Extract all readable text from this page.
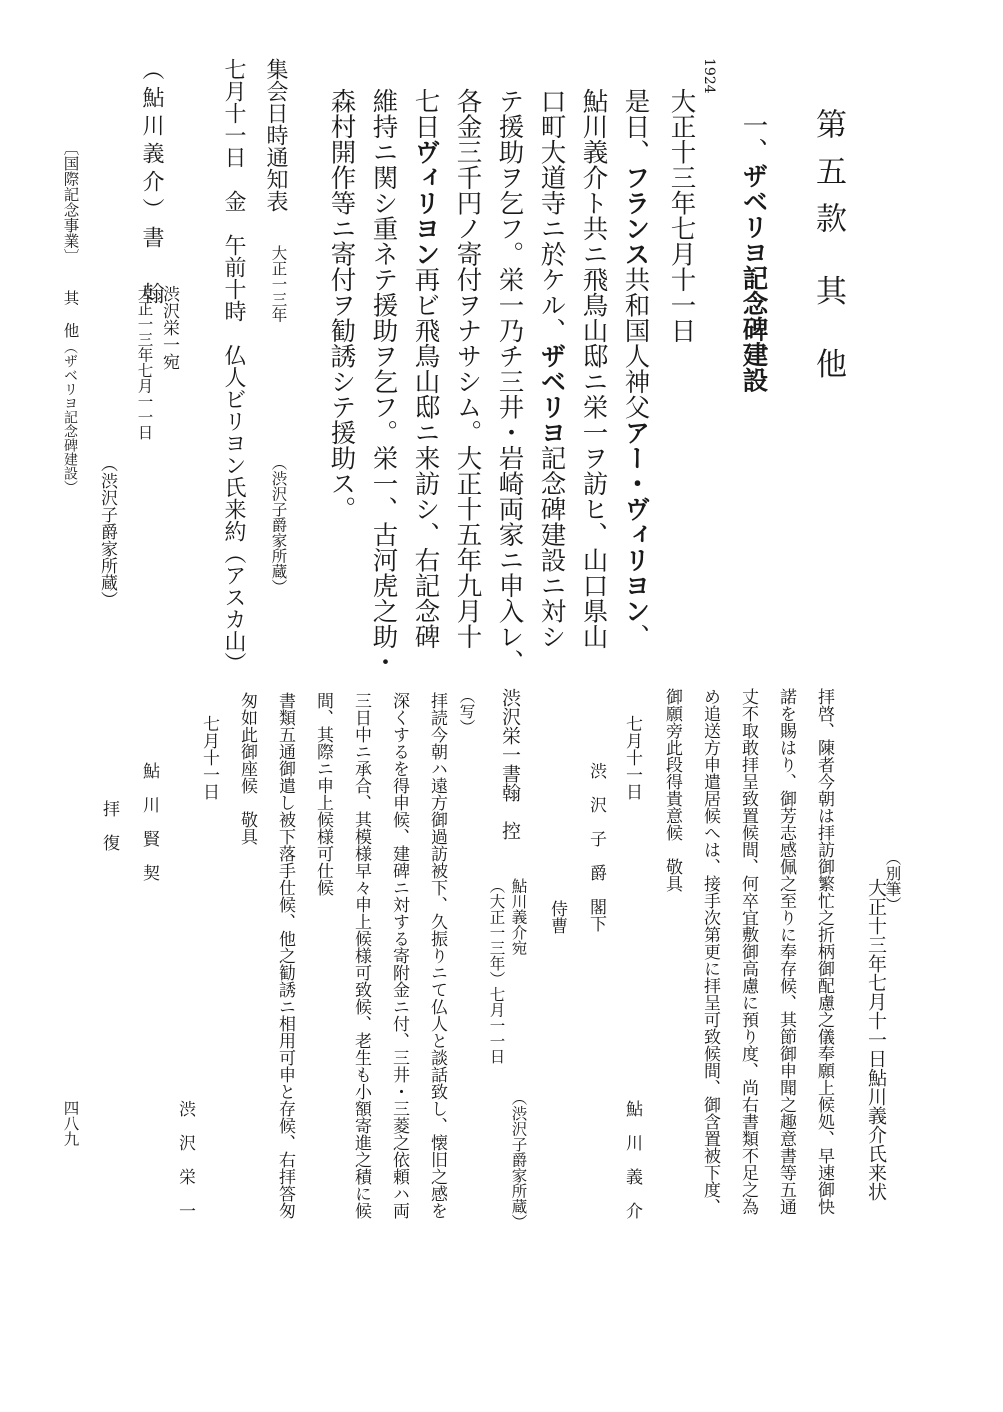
第五款 其 他
一、ザベリヨ記念碑建設
1924
大正十三年七月十一日
是日、フランス共和国人神父アー・ヴィリヨン、
鮎川義介ト共ニ飛鳥山邸ニ栄一ヲ訪ヒ、山口県山
口町大道寺ニ於ケル、ザベリヨ記念碑建設ニ対シ
テ援助ヲ乞フ。栄一乃チ三井・岩崎両家ニ申入レ、
各金三千円ノ寄付ヲナサシム。大正十五年九月十
七日ヴィリヨン再ビ飛鳥山邸ニ来訪シ、右記念碑
維持ニ関シ重ネテ援助ヲ乞フ。栄一、古河虎之助・
森村開作等ニ寄付ヲ勧誘シテ援助ス。
集会日時通知表
大正一三年
（渋沢子爵家所蔵）
七月十一日　金　午前十時　仏人ビリヨン氏来約（アスカ山）
（鮎川義介）書　翰
渋沢栄一宛
大正一三年七月一一日
（渋沢子爵家所蔵）
〔国際記念事業〕
其 他
（ザベリヨ記念碑建設）
（別筆）
大正十三年七月十一日鮎川義介氏来状
拝啓、陳者今朝は拝訪御繁忙之折柄御配慮之儀奉願上候処、早速御快
諾を賜はり、御芳志感佩之至りに奉存候、其節御申聞之趣意書等五通
丈不取敢拝呈致置候間、何卒宜敷御高慮に預り度、尚右書類不足之為
め追送方申遣居候へは、接手次第更に拝呈可致候間、御含置被下度、
御願旁此段得貴意候　敬具
七月十一日
鮎　川　義　介
渋　沢　子　爵　閣下
侍曹
渋沢栄一書翰　控
鮎川義介宛
（大正一三年）七月一一日
（渋沢子爵家所蔵）
（写）
拝読今朝ハ遠方御過訪被下、久振りニて仏人と談話致し、懐旧之感を
深くするを得申候、建碑ニ対する寄附金ニ付、三井・三菱之依頼ハ両
三日中ニ承合、其模様早々申上候様可致候、老生も小額寄進之積に候
間、其際ニ申上候様可仕候
書類五通御遣し被下落手仕候、他之勧誘ニ相用可申と存候、右拝答匆
匆如此御座候　敬具
七月十一日
渋　沢　栄　一
鮎　川　賢　契
拝　復
四八九
